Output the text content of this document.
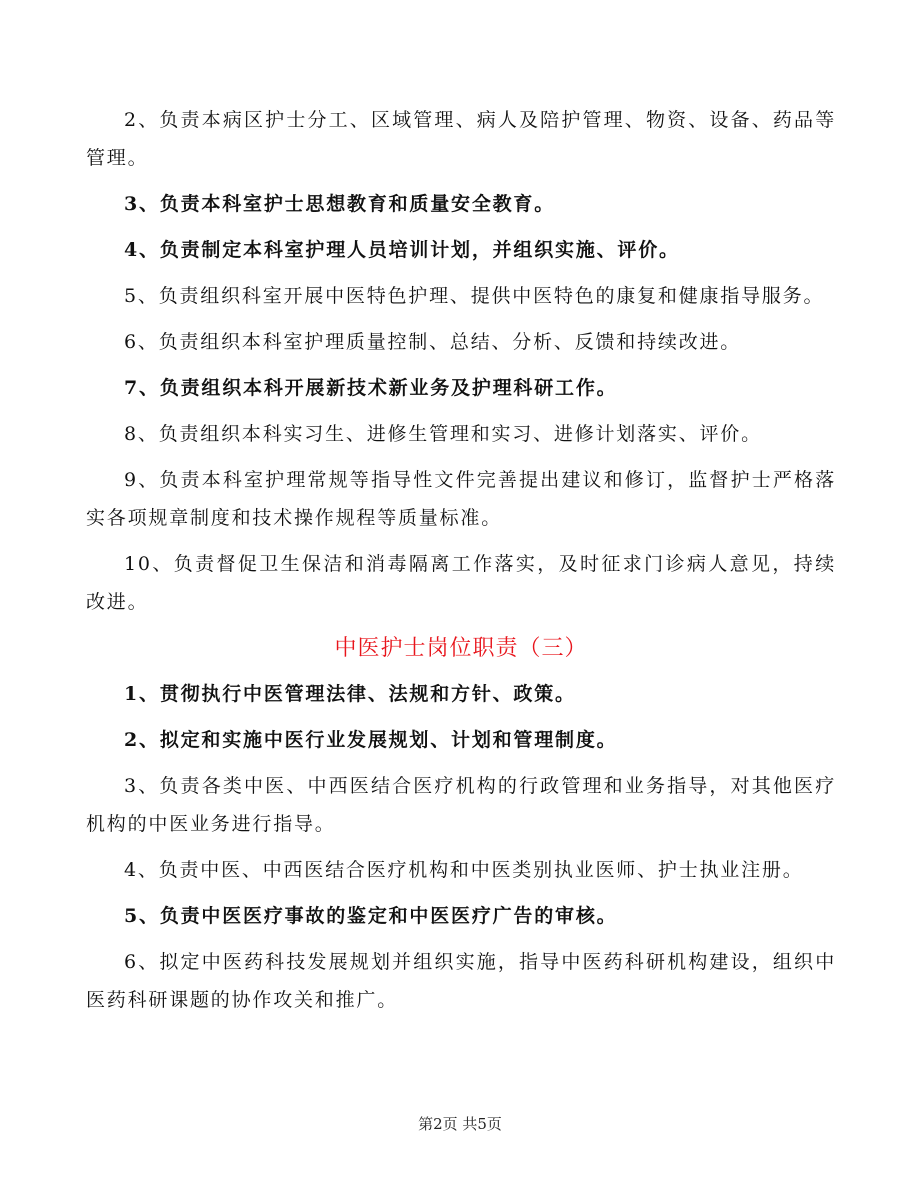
2、负责本病区护士分工、区域管理、病人及陪护管理、物资、设备、药品等管理。

3、负责本科室护士思想教育和质量安全教育。

4、负责制定本科室护理人员培训计划，并组织实施、评价。

5、负责组织科室开展中医特色护理、提供中医特色的康复和健康指导服务。

6、负责组织本科室护理质量控制、总结、分析、反馈和持续改进。

7、负责组织本科开展新技术新业务及护理科研工作。

8、负责组织本科实习生、进修生管理和实习、进修计划落实、评价。

9、负责本科室护理常规等指导性文件完善提出建议和修订，监督护士严格落实各项规章制度和技术操作规程等质量标准。

10、负责督促卫生保洁和消毒隔离工作落实，及时征求门诊病人意见，持续改进。

中医护士岗位职责（三）

1、贯彻执行中医管理法律、法规和方针、政策。

2、拟定和实施中医行业发展规划、计划和管理制度。

3、负责各类中医、中西医结合医疗机构的行政管理和业务指导，对其他医疗机构的中医业务进行指导。

4、负责中医、中西医结合医疗机构和中医类别执业医师、护士执业注册。

5、负责中医医疗事故的鉴定和中医医疗广告的审核。

6、拟定中医药科技发展规划并组织实施，指导中医药科研机构建设，组织中医药科研课题的协作攻关和推广。

第2页 共5页
